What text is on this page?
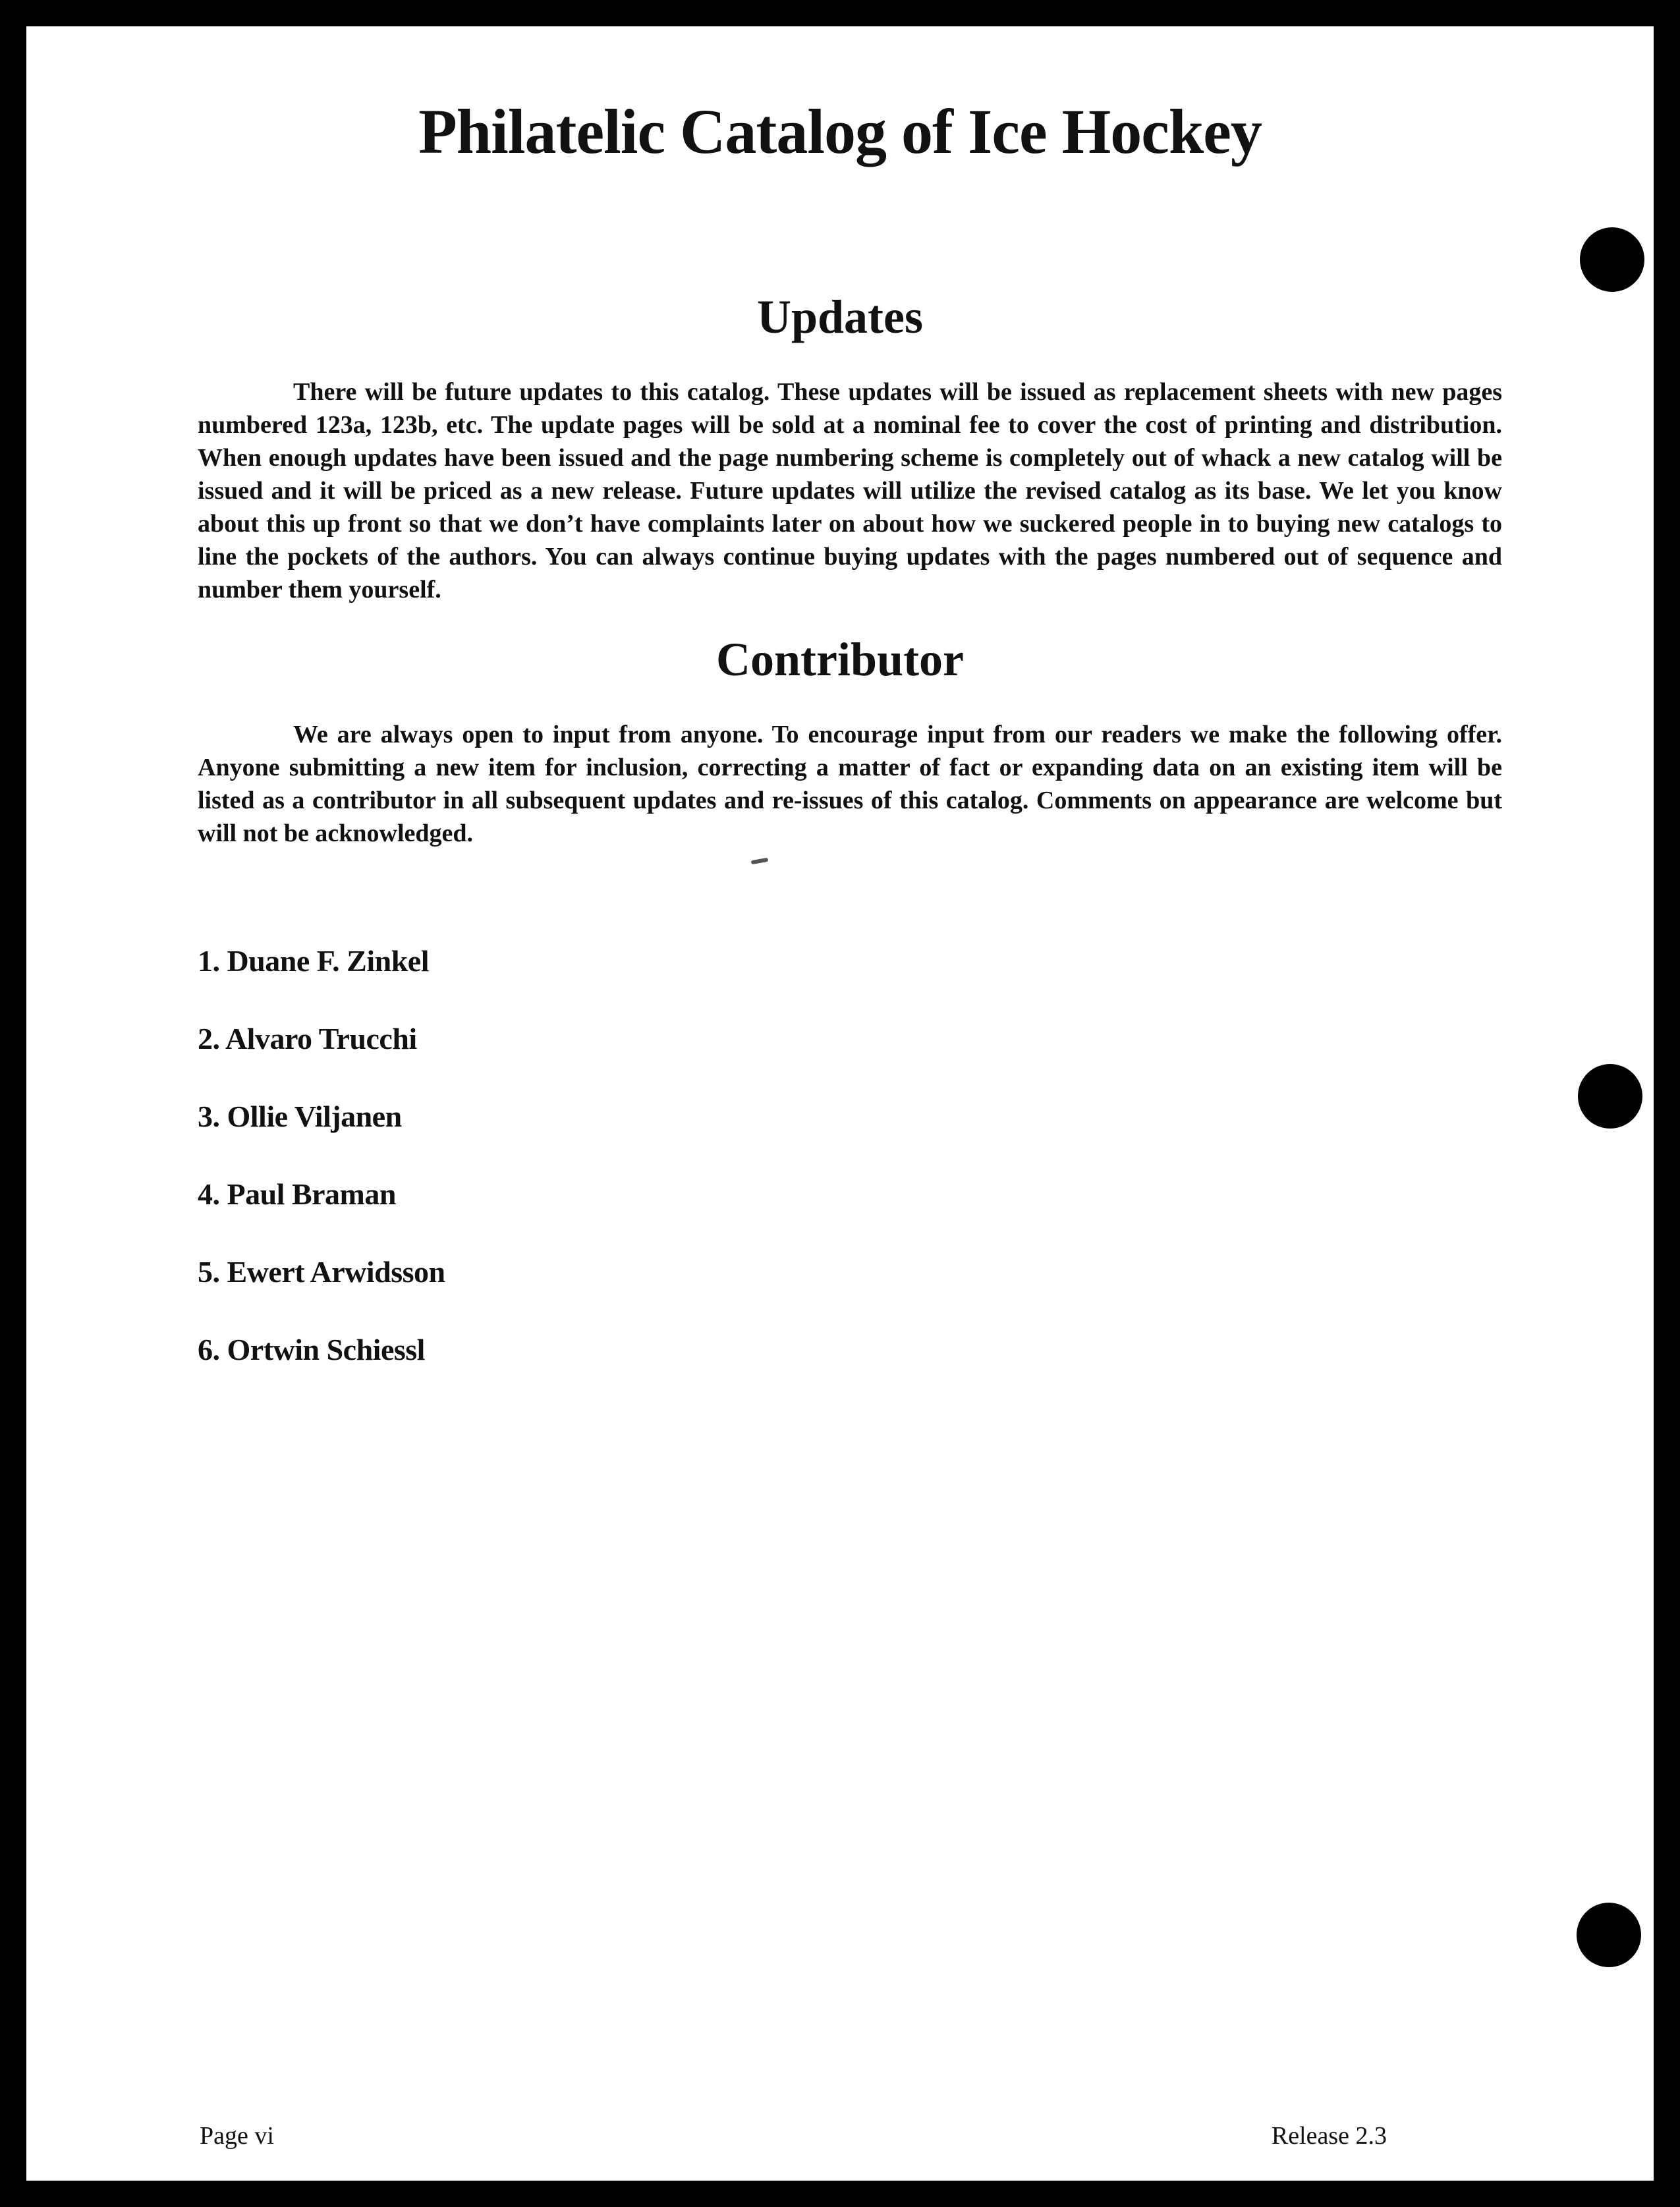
Philatelic Catalog of Ice Hockey
Updates
There will be future updates to this catalog. These updates will be issued as replacement sheets with new pages numbered 123a, 123b, etc. The update pages will be sold at a nominal fee to cover the cost of printing and distribution. When enough updates have been issued and the page numbering scheme is completely out of whack a new catalog will be issued and it will be priced as a new release. Future updates will utilize the revised catalog as its base. We let you know about this up front so that we don’t have complaints later on about how we suckered people in to buying new catalogs to line the pockets of the authors. You can always continue buying updates with the pages numbered out of sequence and number them yourself.
Contributor
We are always open to input from anyone. To encourage input from our readers we make the following offer. Anyone submitting a new item for inclusion, correcting a matter of fact or expanding data on an existing item will be listed as a contributor in all subsequent updates and re-issues of this catalog. Comments on appearance are welcome but will not be acknowledged.
1. Duane F. Zinkel
2. Alvaro Trucchi
3. Ollie Viljanen
4. Paul Braman
5. Ewert Arwidsson
6. Ortwin Schiessl
Page vi	Release 2.3
